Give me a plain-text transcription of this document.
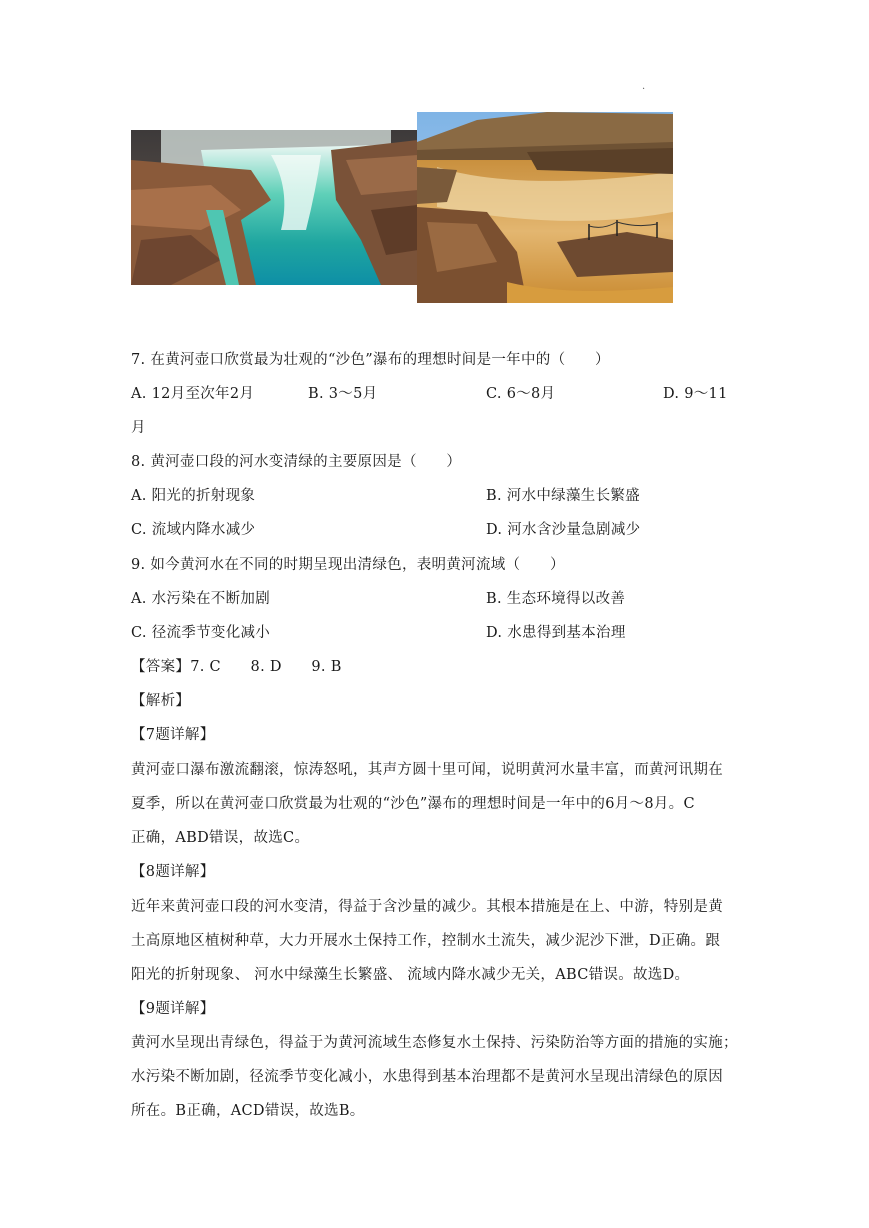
·
7. 在黄河壶口欣赏最为壮观的“沙色”瀑布的理想时间是一年中的（　　）
A. 12月至次年2月	B. 3～5月	C. 6～8月	D. 9～11
月
8. 黄河壶口段的河水变清绿的主要原因是（　　）
A. 阳光的折射现象	B. 河水中绿藻生长繁盛
C. 流域内降水减少	D. 河水含沙量急剧减少
9. 如今黄河水在不同的时期呈现出清绿色，表明黄河流域（　　）
A. 水污染在不断加剧	B. 生态环境得以改善
C. 径流季节变化减小	D. 水患得到基本治理
【答案】7. C　　8. D　　9. B
【解析】
【7题详解】
黄河壶口瀑布激流翻滚，惊涛怒吼，其声方圆十里可闻，说明黄河水量丰富，而黄河讯期在
夏季，所以在黄河壶口欣赏最为壮观的“沙色”瀑布的理想时间是一年中的6月～8月。C
正确，ABD错误，故选C。
【8题详解】
近年来黄河壶口段的河水变清，得益于含沙量的减少。其根本措施是在上、中游，特别是黄
土高原地区植树种草，大力开展水土保持工作，控制水土流失，减少泥沙下泄，D正确。跟
阳光的折射现象、 河水中绿藻生长繁盛、 流域内降水减少无关，ABC错误。故选D。
【9题详解】
黄河水呈现出青绿色，得益于为黄河流域生态修复水土保持、污染防治等方面的措施的实施；
水污染不断加剧，径流季节变化减小，水患得到基本治理都不是黄河水呈现出清绿色的原因
所在。B正确，ACD错误，故选B。
